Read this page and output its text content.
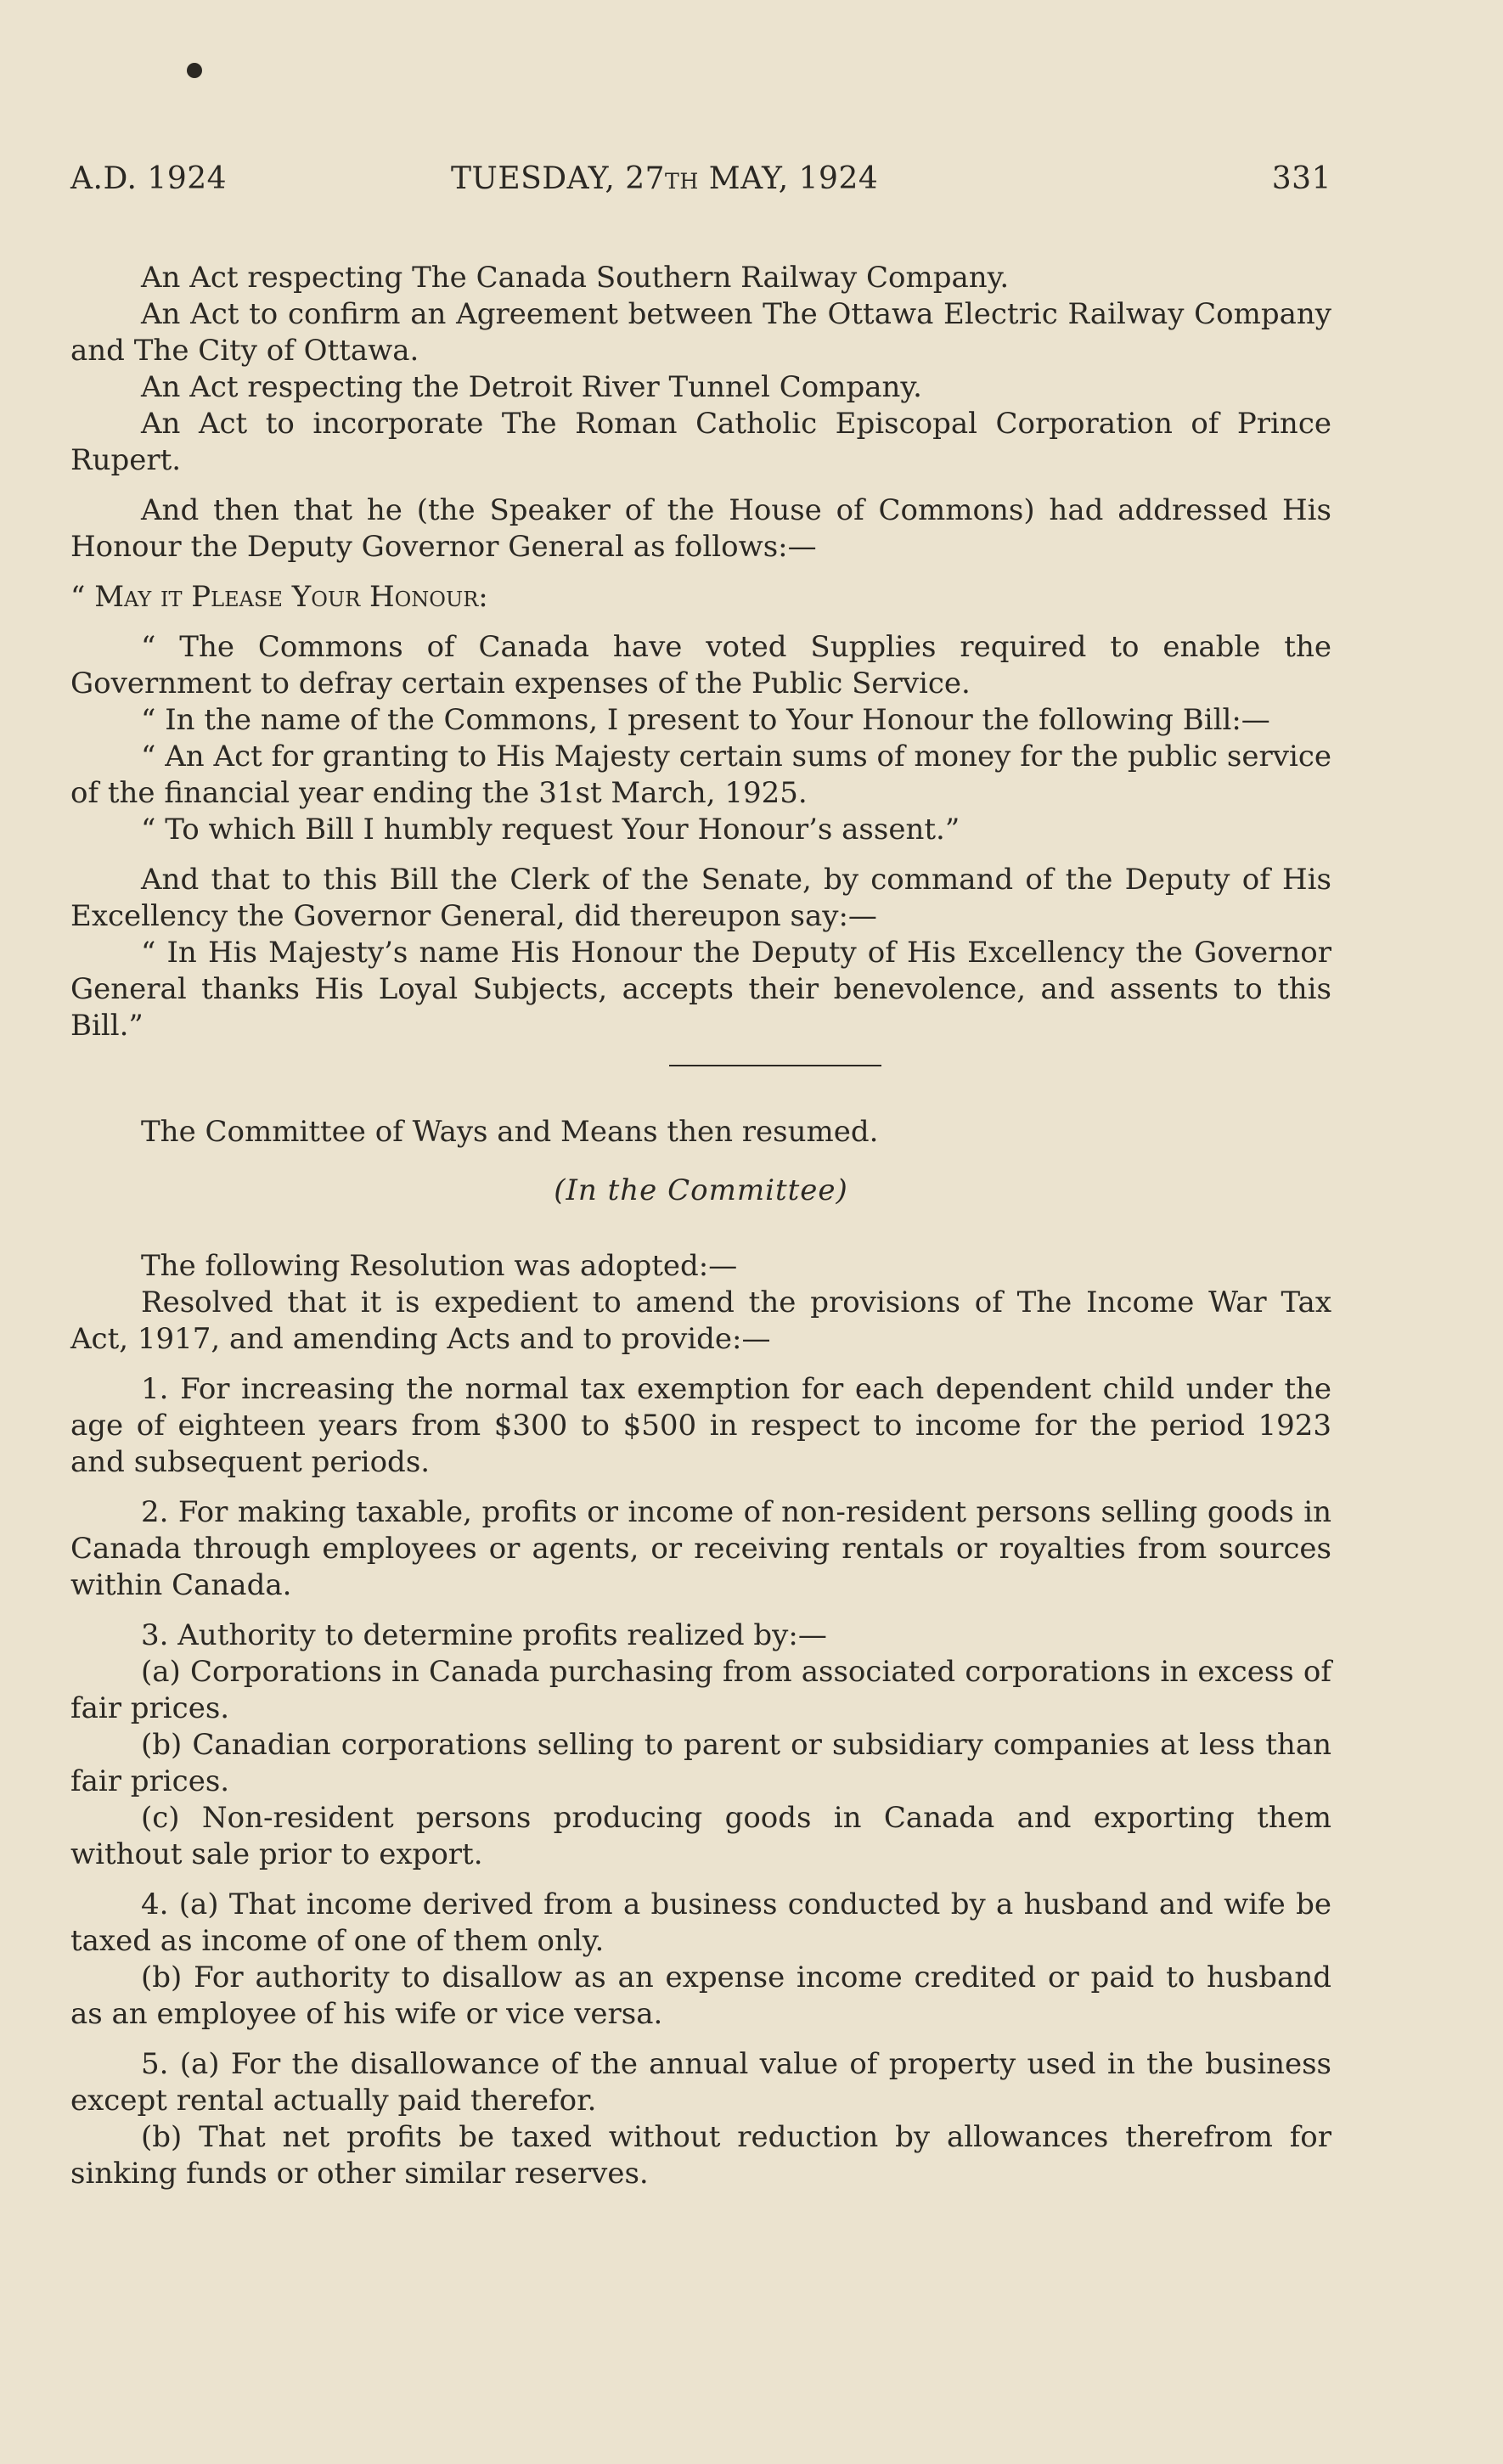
A.D. 1924	TUESDAY, 27TH MAY, 1924	331

An Act respecting The Canada Southern Railway Company.

An Act to confirm an Agreement between The Ottawa Electric Railway Company and The City of Ottawa.

An Act respecting the Detroit River Tunnel Company.

An Act to incorporate The Roman Catholic Episcopal Corporation of Prince Rupert.

And then that he (the Speaker of the House of Commons) had addressed His Honour the Deputy Governor General as follows:—

“ May it Please Your Honour:

“ The Commons of Canada have voted Supplies required to enable the Government to defray certain expenses of the Public Service.

“ In the name of the Commons, I present to Your Honour the following Bill:—

“ An Act for granting to His Majesty certain sums of money for the public service of the financial year ending the 31st March, 1925.

“ To which Bill I humbly request Your Honour’s assent.”

And that to this Bill the Clerk of the Senate, by command of the Deputy of His Excellency the Governor General, did thereupon say:—

“ In His Majesty’s name His Honour the Deputy of His Excellency the Governor General thanks His Loyal Subjects, accepts their benevolence, and assents to this Bill.”

The Committee of Ways and Means then resumed.

(In the Committee)

The following Resolution was adopted:—

Resolved that it is expedient to amend the provisions of The Income War Tax Act, 1917, and amending Acts and to provide:—

1. For increasing the normal tax exemption for each dependent child under the age of eighteen years from $300 to $500 in respect to income for the period 1923 and subsequent periods.

2. For making taxable, profits or income of non-resident persons selling goods in Canada through employees or agents, or receiving rentals or royalties from sources within Canada.

3. Authority to determine profits realized by:—

(a) Corporations in Canada purchasing from associated corporations in excess of fair prices.

(b) Canadian corporations selling to parent or subsidiary companies at less than fair prices.

(c) Non-resident persons producing goods in Canada and exporting them without sale prior to export.

4. (a) That income derived from a business conducted by a husband and wife be taxed as income of one of them only.

(b) For authority to disallow as an expense income credited or paid to husband as an employee of his wife or vice versa.

5. (a) For the disallowance of the annual value of property used in the business except rental actually paid therefor.

(b) That net profits be taxed without reduction by allowances therefrom for sinking funds or other similar reserves.
